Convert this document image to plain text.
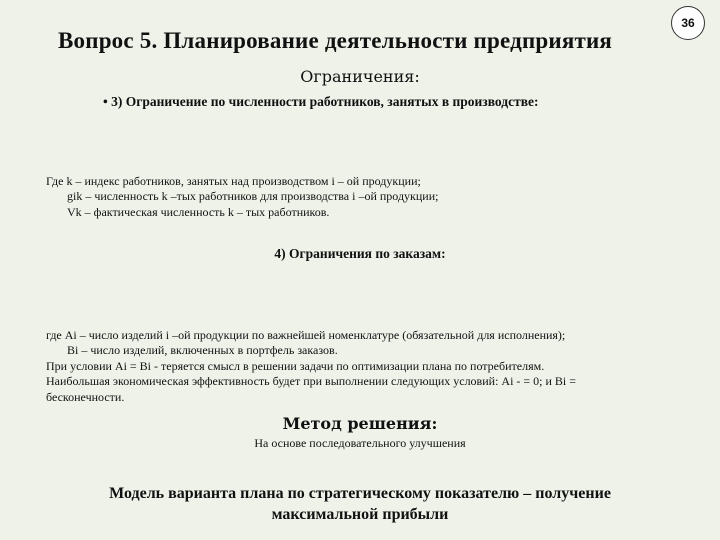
36
Вопрос 5. Планирование деятельности предприятия
Ограничения:
• 3) Ограничение по численности работников, занятых в производстве:
Где k – индекс работников, занятых над производством i – ой продукции;
gik – численность k –тых работников для производства i –ой продукции;
Vk – фактическая численность k – тых работников.
4) Ограничения по заказам:
где Ai – число изделий i –ой продукции по важнейшей номенклатуре (обязательной для исполнения);
Bi – число изделий, включенных в портфель заказов.
При условии Ai = Bi - теряется смысл в решении задачи по оптимизации плана по потребителям.
Наибольшая экономическая эффективность будет при выполнении следующих условий: Ai - = 0; и Bi =
бесконечности.
Метод решения:
На основе последовательного улучшения
Модель варианта плана по стратегическому показателю – получение
максимальной прибыли
